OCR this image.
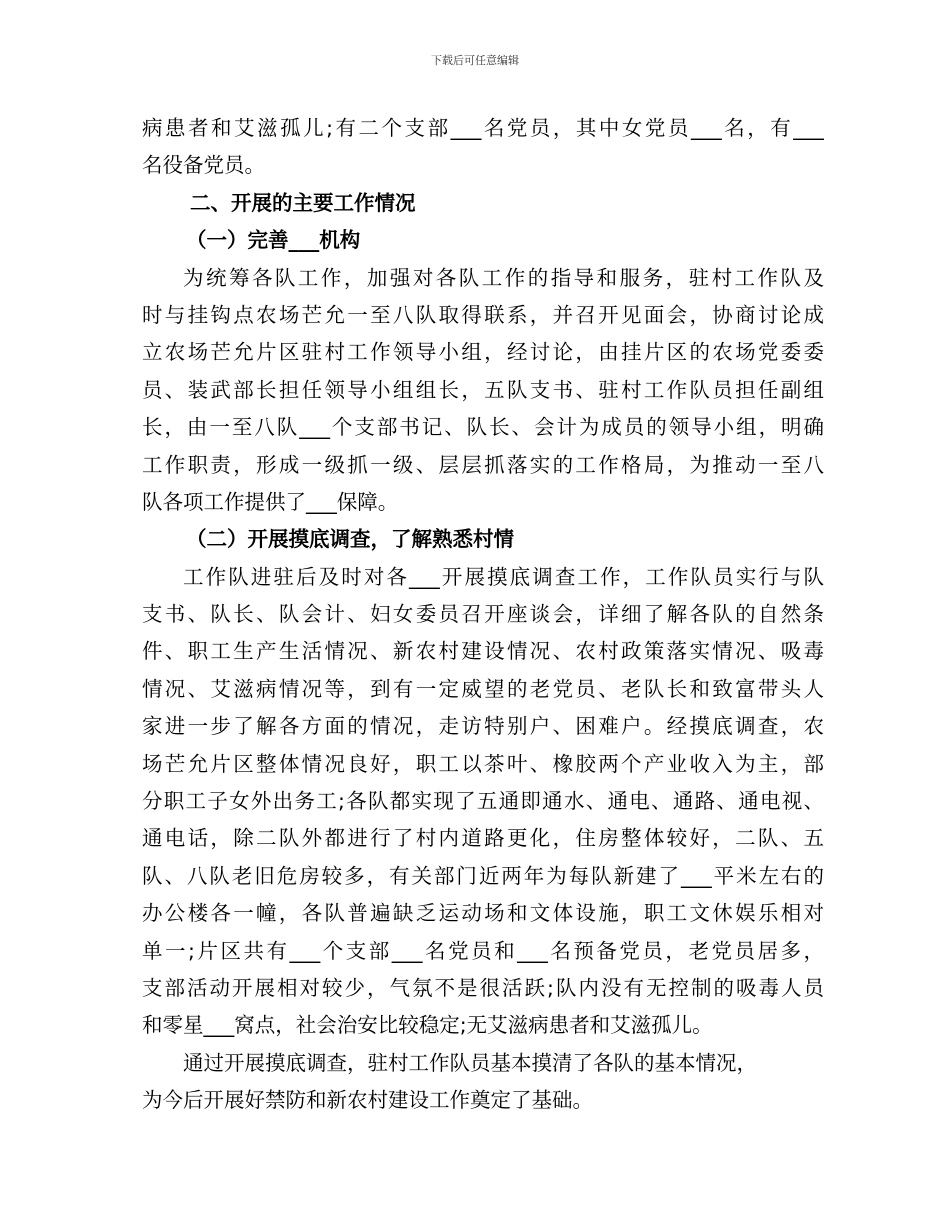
下载后可任意编辑
病患者和艾滋孤儿;有二个支部___名党员，其中女党员___名，有___
名役备党员。
二、开展的主要工作情况
（一）完善___机构
为统筹各队工作，加强对各队工作的指导和服务，驻村工作队及
时与挂钩点农场芒允一至八队取得联系，并召开见面会，协商讨论成
立农场芒允片区驻村工作领导小组，经讨论，由挂片区的农场党委委
员、装武部长担任领导小组组长，五队支书、驻村工作队员担任副组
长，由一至八队___个支部书记、队长、会计为成员的领导小组，明确
工作职责，形成一级抓一级、层层抓落实的工作格局，为推动一至八
队各项工作提供了___保障。
（二）开展摸底调查，了解熟悉村情
工作队进驻后及时对各___开展摸底调查工作，工作队员实行与队
支书、队长、队会计、妇女委员召开座谈会，详细了解各队的自然条
件、职工生产生活情况、新农村建设情况、农村政策落实情况、吸毒
情况、艾滋病情况等，到有一定威望的老党员、老队长和致富带头人
家进一步了解各方面的情况，走访特别户、困难户。经摸底调查，农
场芒允片区整体情况良好，职工以茶叶、橡胶两个产业收入为主，部
分职工子女外出务工;各队都实现了五通即通水、通电、通路、通电视、
通电话，除二队外都进行了村内道路更化，住房整体较好，二队、五
队、八队老旧危房较多，有关部门近两年为每队新建了___平米左右的
办公楼各一幢，各队普遍缺乏运动场和文体设施，职工文休娱乐相对
单一;片区共有___个支部___名党员和___名预备党员，老党员居多，
支部活动开展相对较少，气氛不是很活跃;队内没有无控制的吸毒人员
和零星___窝点，社会治安比较稳定;无艾滋病患者和艾滋孤儿。
通过开展摸底调查，驻村工作队员基本摸清了各队的基本情况，
为今后开展好禁防和新农村建设工作奠定了基础。
